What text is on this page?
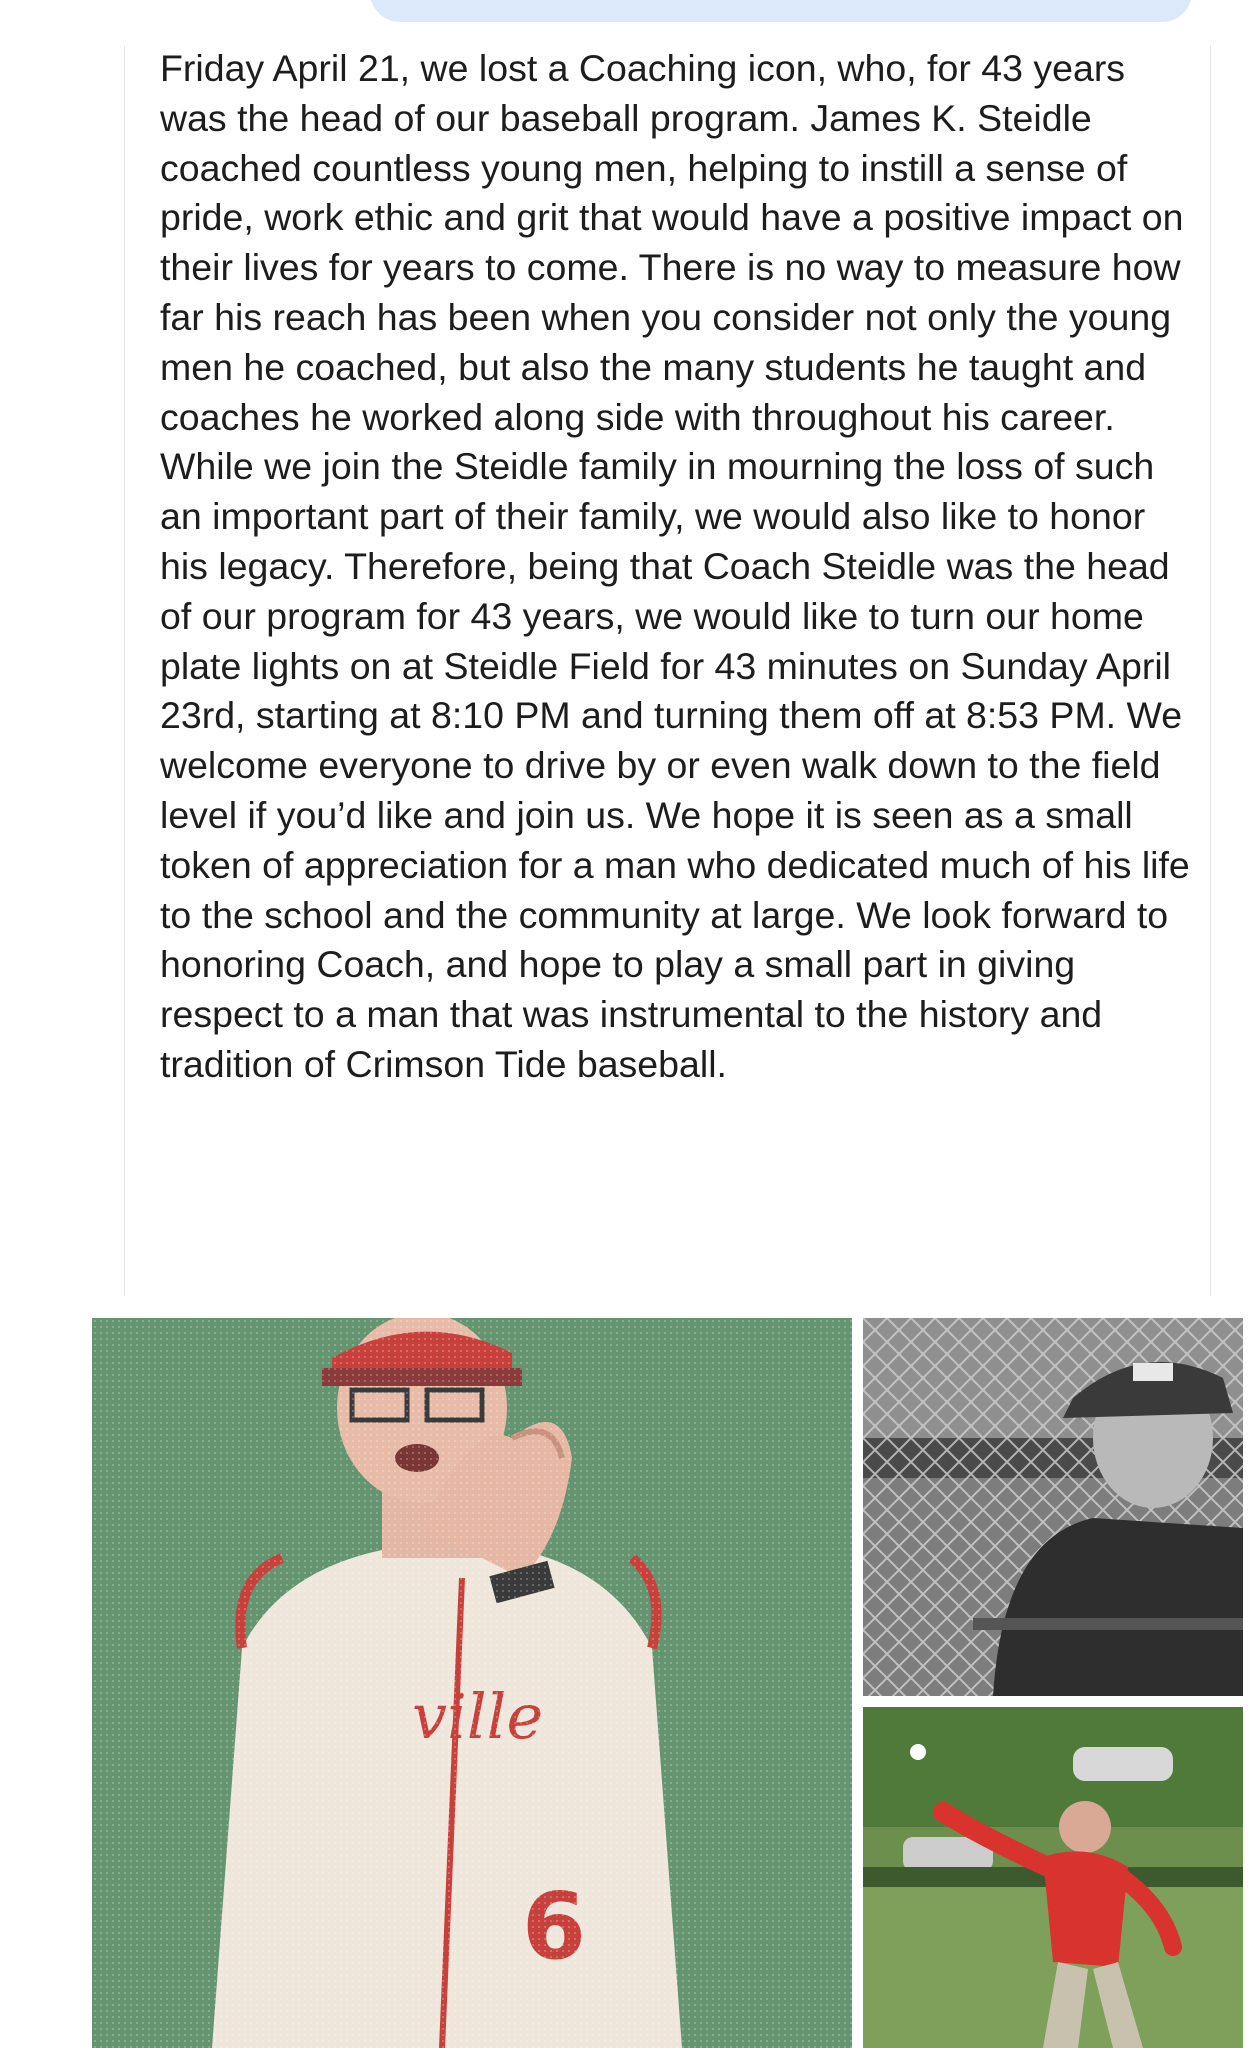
Friday April 21, we lost a Coaching icon, who, for 43 years was the head of our baseball program. James K. Steidle coached countless young men, helping to instill a sense of pride, work ethic and grit that would have a positive impact on their lives for years to come. There is no way to measure how far his reach has been when you consider not only the young men he coached, but also the many students he taught and coaches he worked along side with throughout his career. While we join the Steidle family in mourning the loss of such an important part of their family, we would also like to honor his legacy. Therefore, being that Coach Steidle was the head of our program for 43 years, we would like to turn our home plate lights on at Steidle Field for 43 minutes on Sunday April 23rd, starting at 8:10 PM and turning them off at 8:53 PM. We welcome everyone to drive by or even walk down to the field level if you’d like and join us. We hope it is seen as a small token of appreciation for a man who dedicated much of his life to the school and the community at large. We look forward to honoring Coach, and hope to play a small part in giving respect to a man that was instrumental to the history and tradition of Crimson Tide baseball.
